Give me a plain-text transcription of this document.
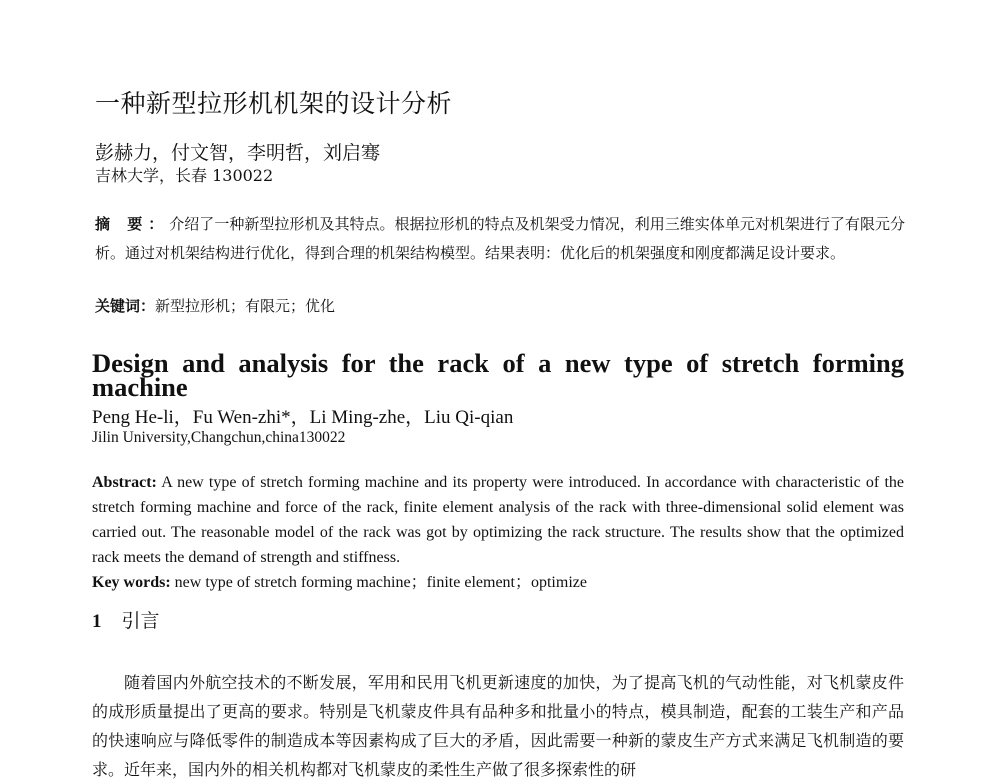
一种新型拉形机机架的设计分析
彭赫力，付文智，李明哲，刘启骞
吉林大学，长春 130022
摘 要：介绍了一种新型拉形机及其特点。根据拉形机的特点及机架受力情况，利用三维实体单元对机架进行了有限元分析。通过对机架结构进行优化，得到合理的机架结构模型。结果表明：优化后的机架强度和刚度都满足设计要求。
关键词：新型拉形机；有限元；优化
Design and analysis for the rack of a new type of stretch forming machine
Peng He-li，Fu Wen-zhi*，Li Ming-zhe，Liu Qi-qian
Jilin University,Changchun,china130022
Abstract: A new type of stretch forming machine and its property were introduced. In accordance with characteristic of the stretch forming machine and force of the rack, finite element analysis of the rack with three-dimensional solid element was carried out. The reasonable model of the rack was got by optimizing the rack structure. The results show that the optimized rack meets the demand of strength and stiffness.
Key words: new type of stretch forming machine；finite element；optimize
1 引言

随着国内外航空技术的不断发展，军用和民用飞机更新速度的加快，为了提高飞机的气动性能，对飞机蒙皮件的成形质量提出了更高的要求。特别是飞机蒙皮件具有品种多和批量小的特点，模具制造，配套的工装生产和产品的快速响应与降低零件的制造成本等因素构成了巨大的矛盾，因此需要一种新的蒙皮生产方式来满足飞机制造的要求。近年来，国内外的相关机构都对飞机蒙皮的柔性生产做了很多探索性的研
